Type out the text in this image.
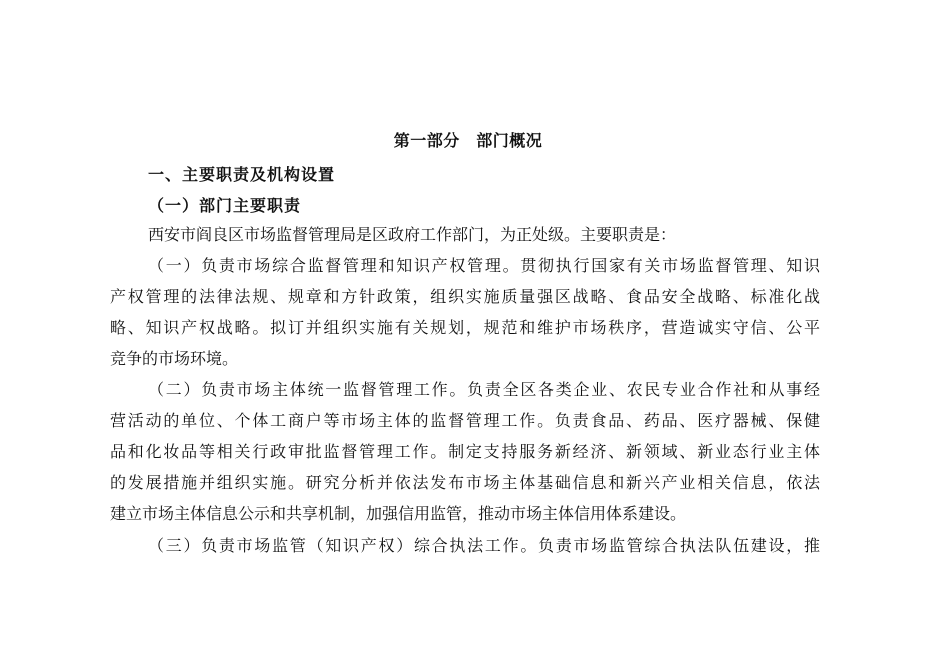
第一部分　部门概况
一、主要职责及机构设置
（一）部门主要职责
西安市阎良区市场监督管理局是区政府工作部门，为正处级。主要职责是：
（一）负责市场综合监督管理和知识产权管理。贯彻执行国家有关市场监督管理、知识
产权管理的法律法规、规章和方针政策，组织实施质量强区战略、食品安全战略、标准化战
略、知识产权战略。拟订并组织实施有关规划，规范和维护市场秩序，营造诚实守信、公平
竞争的市场环境。
（二）负责市场主体统一监督管理工作。负责全区各类企业、农民专业合作社和从事经
营活动的单位、个体工商户等市场主体的监督管理工作。负责食品、药品、医疗器械、保健
品和化妆品等相关行政审批监督管理工作。制定支持服务新经济、新领域、新业态行业主体
的发展措施并组织实施。研究分析并依法发布市场主体基础信息和新兴产业相关信息，依法
建立市场主体信息公示和共享机制，加强信用监管，推动市场主体信用体系建设。
（三）负责市场监管（知识产权）综合执法工作。负责市场监管综合执法队伍建设，推
